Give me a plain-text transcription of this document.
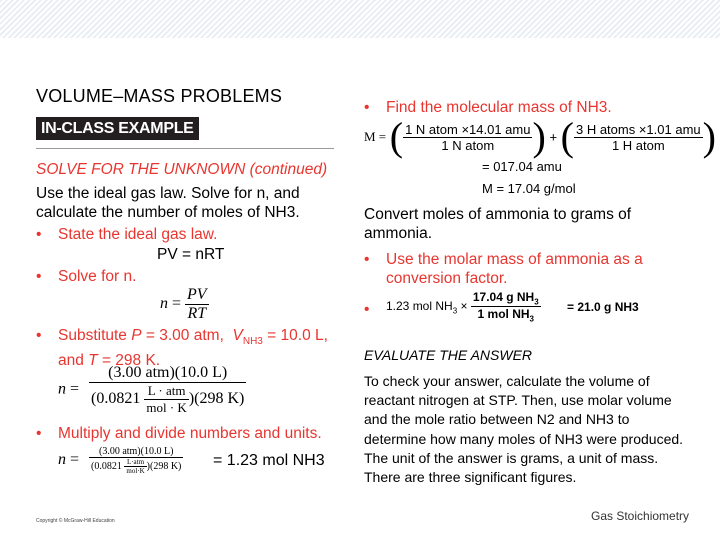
VOLUME–MASS PROBLEMS
IN-CLASS EXAMPLE
SOLVE FOR THE UNKNOWN (continued)
Use the ideal gas law. Solve for n, and calculate the number of moles of NH3.
• State the ideal gas law.
PV = nRT
• Solve for n.
$n = \frac{PV}{RT}$
• Substitute P = 3.00 atm,  $V_{NH3} = 10.0$ L, and T = 298 K.
$n = \frac{\text{(3.00 atm)(10.0 L)}}{(0.0821 \frac{\text{L · atm}}{\text{mol · K}} )(298 K)}$
• Multiply and divide numbers and units.
$n = \frac{\text{(3.00 atm)(10.0 L)}}{(0.0821 \frac{\text{L·atm}}{\text{mol·K}} )(298 K)} = 1.23$ mol NH3
Copyright © McGraw-Hill Education
• Find the molecular mass of NH3.
M = ( $\frac{\text{1 N atom ×14.01 amu}}{\text{1 N atom}}$ ) + ( $\frac{\text{3 H atoms ×1.01 amu}}{\text{1 H atom}}$ )
= 017.04 amu
M = 17.04 g/mol
Convert moles of ammonia to grams of ammonia.
• Use the molar mass of ammonia as a conversion factor.
• 1.23 mol $NH_3 \times \frac{17.04 g NH_3}{1 mol NH_3} = 21.0$ g NH3
EVALUATE THE ANSWER
To check your answer, calculate the volume of reactant nitrogen at STP. Then, use molar volume and the mole ratio between N2 and NH3 to determine how many moles of NH3 were produced. The unit of the answer is grams, a unit of mass. There are three significant figures.
Gas Stoichiometry
